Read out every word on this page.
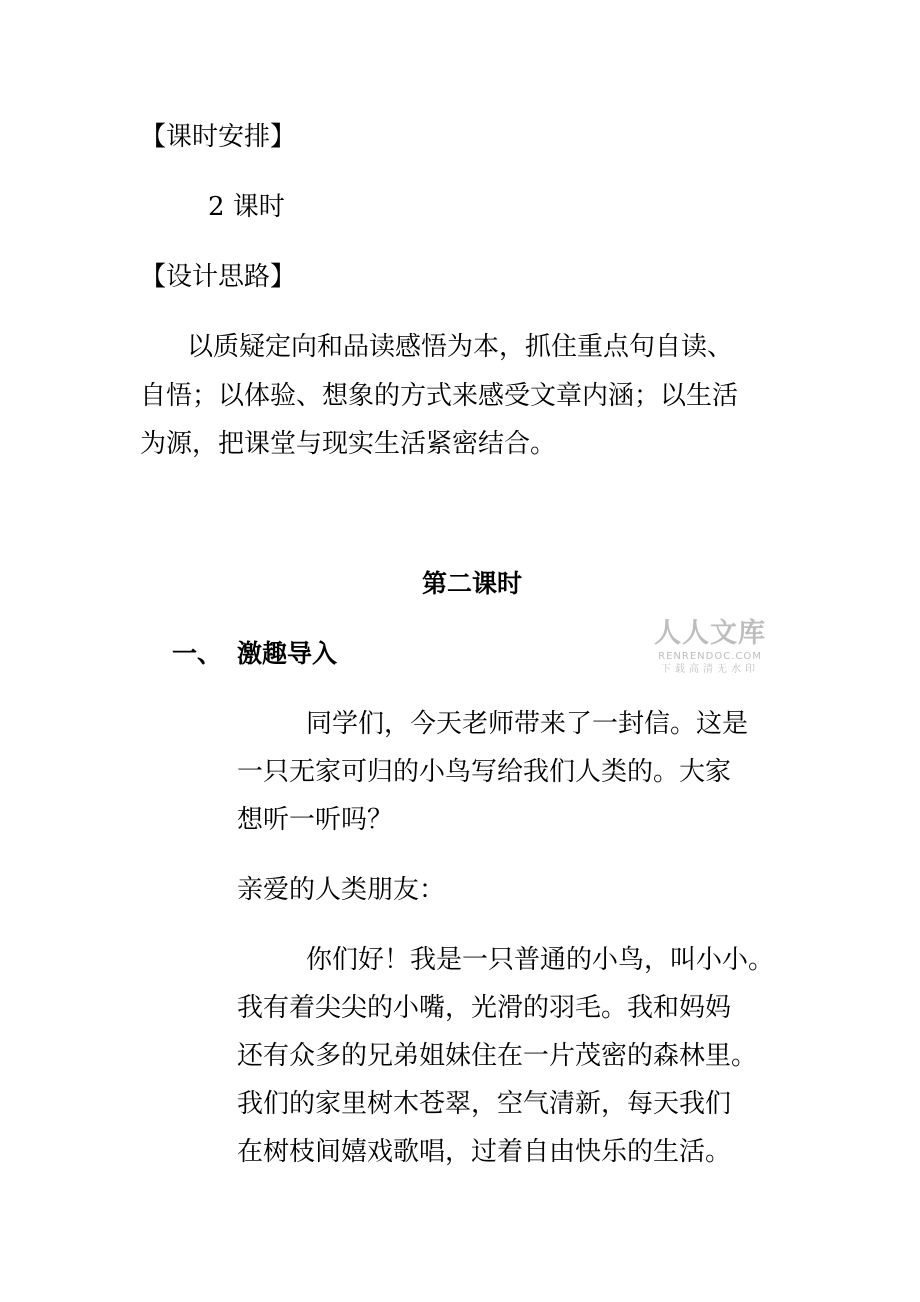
【课时安排】
2 课时
【设计思路】
以质疑定向和品读感悟为本，抓住重点句自读、
自悟；以体验、想象的方式来感受文章内涵；以生活
为源，把课堂与现实生活紧密结合。
第二课时
一、 激趣导入
人人文库
RENRENDOC.COM
下载高清无水印
同学们，今天老师带来了一封信。这是
一只无家可归的小鸟写给我们人类的。大家
想听一听吗？
亲爱的人类朋友：
你们好！我是一只普通的小鸟，叫小小。
我有着尖尖的小嘴，光滑的羽毛。我和妈妈
还有众多的兄弟姐妹住在一片茂密的森林里。
我们的家里树木苍翠，空气清新，每天我们
在树枝间嬉戏歌唱，过着自由快乐的生活。
